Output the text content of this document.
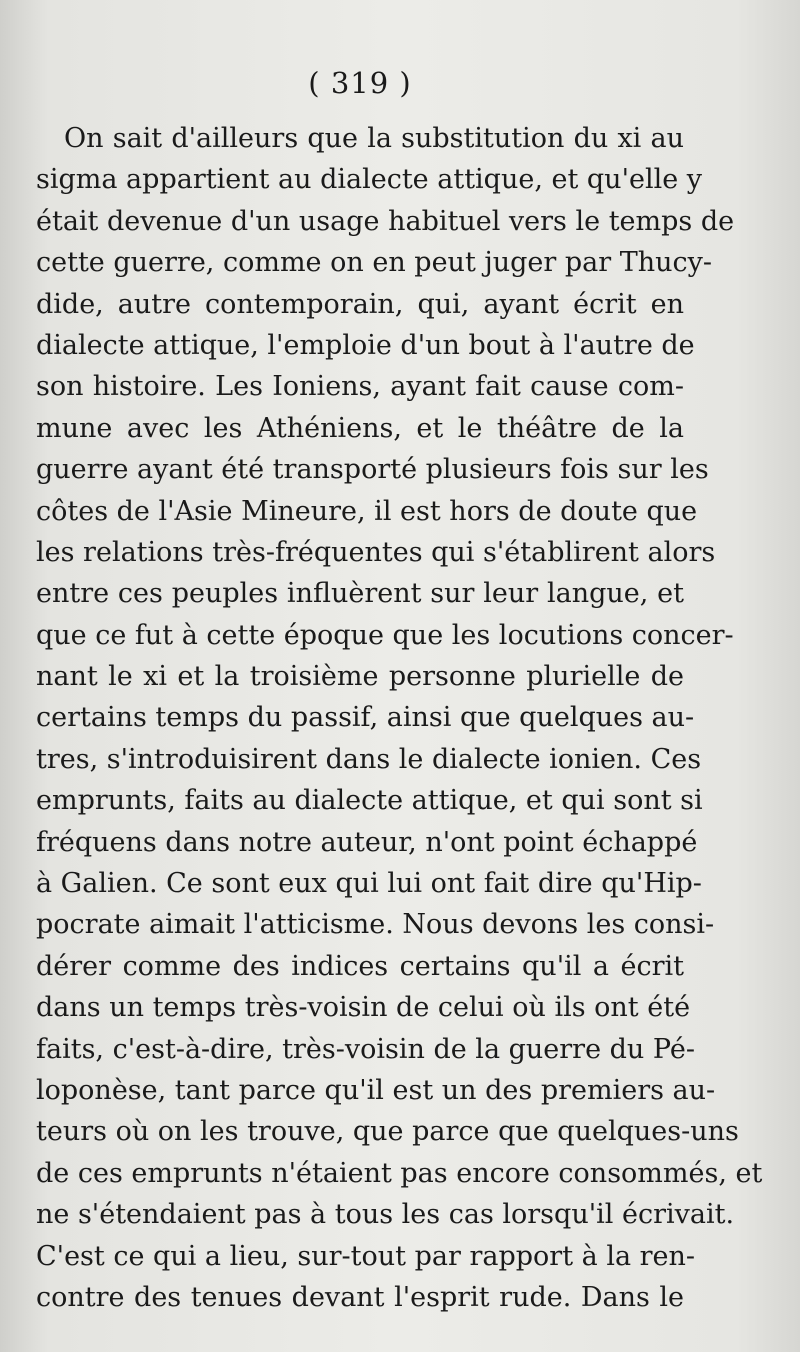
( 319 )
On sait d'ailleurs que la substitution du xi au
sigma appartient au dialecte attique, et qu'elle y
était devenue d'un usage habituel vers le temps de
cette guerre, comme on en peut juger par Thucy-
dide, autre contemporain, qui, ayant écrit en
dialecte attique, l'emploie d'un bout à l'autre de
son histoire. Les Ioniens, ayant fait cause com-
mune avec les Athéniens, et le théâtre de la
guerre ayant été transporté plusieurs fois sur les
côtes de l'Asie Mineure, il est hors de doute que
les relations très-fréquentes qui s'établirent alors
entre ces peuples influèrent sur leur langue, et
que ce fut à cette époque que les locutions concer-
nant le xi et la troisième personne plurielle de
certains temps du passif, ainsi que quelques au-
tres, s'introduisirent dans le dialecte ionien. Ces
emprunts, faits au dialecte attique, et qui sont si
fréquens dans notre auteur, n'ont point échappé
à Galien. Ce sont eux qui lui ont fait dire qu'Hip-
pocrate aimait l'atticisme. Nous devons les consi-
dérer comme des indices certains qu'il a écrit
dans un temps très-voisin de celui où ils ont été
faits, c'est-à-dire, très-voisin de la guerre du Pé-
loponèse, tant parce qu'il est un des premiers au-
teurs où on les trouve, que parce que quelques-uns
de ces emprunts n'étaient pas encore consommés, et
ne s'étendaient pas à tous les cas lorsqu'il écrivait.
C'est ce qui a lieu, sur-tout par rapport à la ren-
contre des tenues devant l'esprit rude. Dans le
